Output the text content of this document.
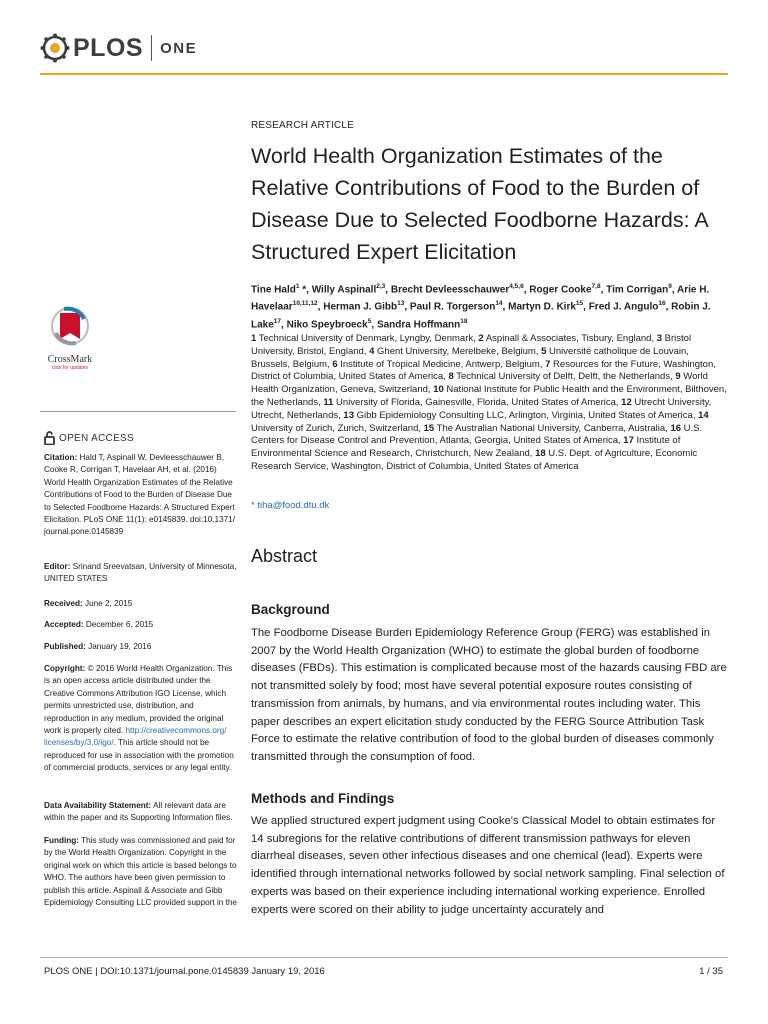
PLOS ONE
CrossMark
click for updates
OPEN ACCESS

Citation: Hald T, Aspinall W, Devleesschauwer B, Cooke R, Corrigan T, Havelaar AH, et al. (2016) World Health Organization Estimates of the Relative Contributions of Food to the Burden of Disease Due to Selected Foodborne Hazards: A Structured Expert Elicitation. PLoS ONE 11(1): e0145839. doi:10.1371/ journal.pone.0145839

Editor: Srinand Sreevatsan, University of Minnesota, UNITED STATES

Received: June 2, 2015

Accepted: December 6, 2015

Published: January 19, 2016

Copyright: © 2016 World Health Organization. This is an open access article distributed under the Creative Commons Attribution IGO License, which permits unrestricted use, distribution, and reproduction in any medium, provided the original work is properly cited. http://creativecommons.org/ licenses/by/3.0/igo/. This article should not be reproduced for use in association with the promotion of commercial products, services or any legal entity.

Data Availability Statement: All relevant data are within the paper and its Supporting Information files.

Funding: This study was commissioned and paid for by the World Health Organization. Copyright in the original work on which this article is based belongs to WHO. The authors have been given permission to publish this article. Aspinall & Associate and Gibb Epidemiology Consulting LLC provided support in the

RESEARCH ARTICLE
World Health Organization Estimates of the Relative Contributions of Food to the Burden of Disease Due to Selected Foodborne Hazards: A Structured Expert Elicitation
Tine Hald$^1$ *, Willy Aspinall$^{2,3}$, Brecht Devleesschauwer$^{4,5,6}$, Roger Cooke$^{7,8}$, Tim Corrigan$^9$, Arie H. Havelaar$^{10,11,12}$, Herman J. Gibb$^{13}$, Paul R. Torgerson$^{14}$, Martyn D. Kirk$^{15}$, Fred J. Angulo$^{16}$, Robin J. Lake$^{17}$, Niko Speybroeck$^5$, Sandra Hoffmann$^{18}$
1 Technical University of Denmark, Lyngby, Denmark, 2 Aspinall & Associates, Tisbury, England, 3 Bristol University, Bristol, England, 4 Ghent University, Merelbeke, Belgium, 5 Université catholique de Louvain, Brussels, Belgium, 6 Institute of Tropical Medicine, Antwerp, Belgium, 7 Resources for the Future, Washington, District of Columbia, United States of America, 8 Technical University of Delft, Delft, the Netherlands, 9 World Health Organization, Geneva, Switzerland, 10 National Institute for Public Health and the Environment, Bilthoven, the Netherlands, 11 University of Florida, Gainesville, Florida, United States of America, 12 Utrecht University, Utrecht, Netherlands, 13 Gibb Epidemiology Consulting LLC, Arlington, Virginia, United States of America, 14 University of Zurich, Zurich, Switzerland, 15 The Australian National University, Canberra, Australia, 16 U.S. Centers for Disease Control and Prevention, Atlanta, Georgia, United States of America, 17 Institute of Environmental Science and Research, Christchurch, New Zealand, 18 U.S. Dept. of Agriculture, Economic Research Service, Washington, District of Columbia, United States of America
* tiha@food.dtu.dk
Abstract
Background

The Foodborne Disease Burden Epidemiology Reference Group (FERG) was established in 2007 by the World Health Organization (WHO) to estimate the global burden of foodborne diseases (FBDs). This estimation is complicated because most of the hazards causing FBD are not transmitted solely by food; most have several potential exposure routes consisting of transmission from animals, by humans, and via environmental routes including water. This paper describes an expert elicitation study conducted by the FERG Source Attribution Task Force to estimate the relative contribution of food to the global burden of diseases commonly transmitted through the consumption of food.

Methods and Findings

We applied structured expert judgment using Cooke's Classical Model to obtain estimates for 14 subregions for the relative contributions of different transmission pathways for eleven diarrheal diseases, seven other infectious diseases and one chemical (lead). Experts were identified through international networks followed by social network sampling. Final selection of experts was based on their experience including international working experience. Enrolled experts were scored on their ability to judge uncertainty accurately and

PLOS ONE | DOI:10.1371/journal.pone.0145839 January 19, 2016	1 / 35
